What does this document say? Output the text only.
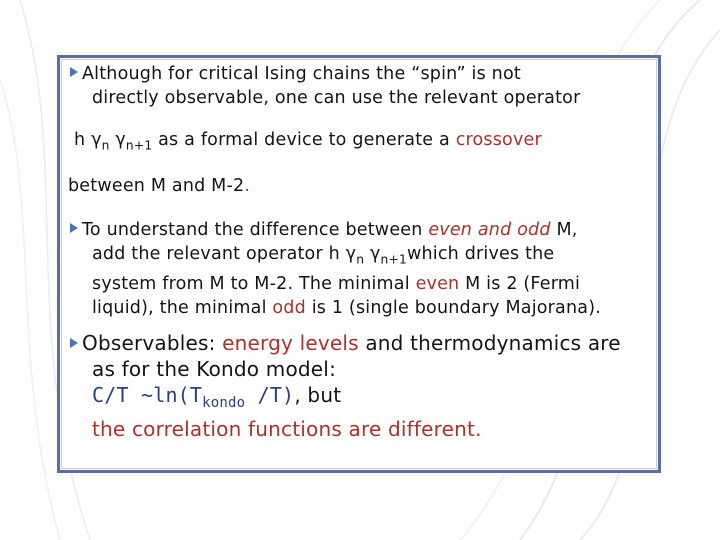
Although for critical Ising chains the “spin” is not
directly observable, one can use the relevant operator
h $\gamma_n$ $\gamma_{n+1}$ as a formal device to generate a crossover
between M and M-2.
To understand the difference between even and odd M,
add the relevant operator h $\gamma_n$ $\gamma_{n+1}which$ drives the
system from M to M-2. The minimal even M is 2 (Fermi
liquid), the minimal odd is 1 (single boundary Majorana).
Observables: energy levels and thermodynamics are
as for the Kondo model:
C/T $\sim\ln(T_{kondo}$ /T), but
the correlation functions are different.
